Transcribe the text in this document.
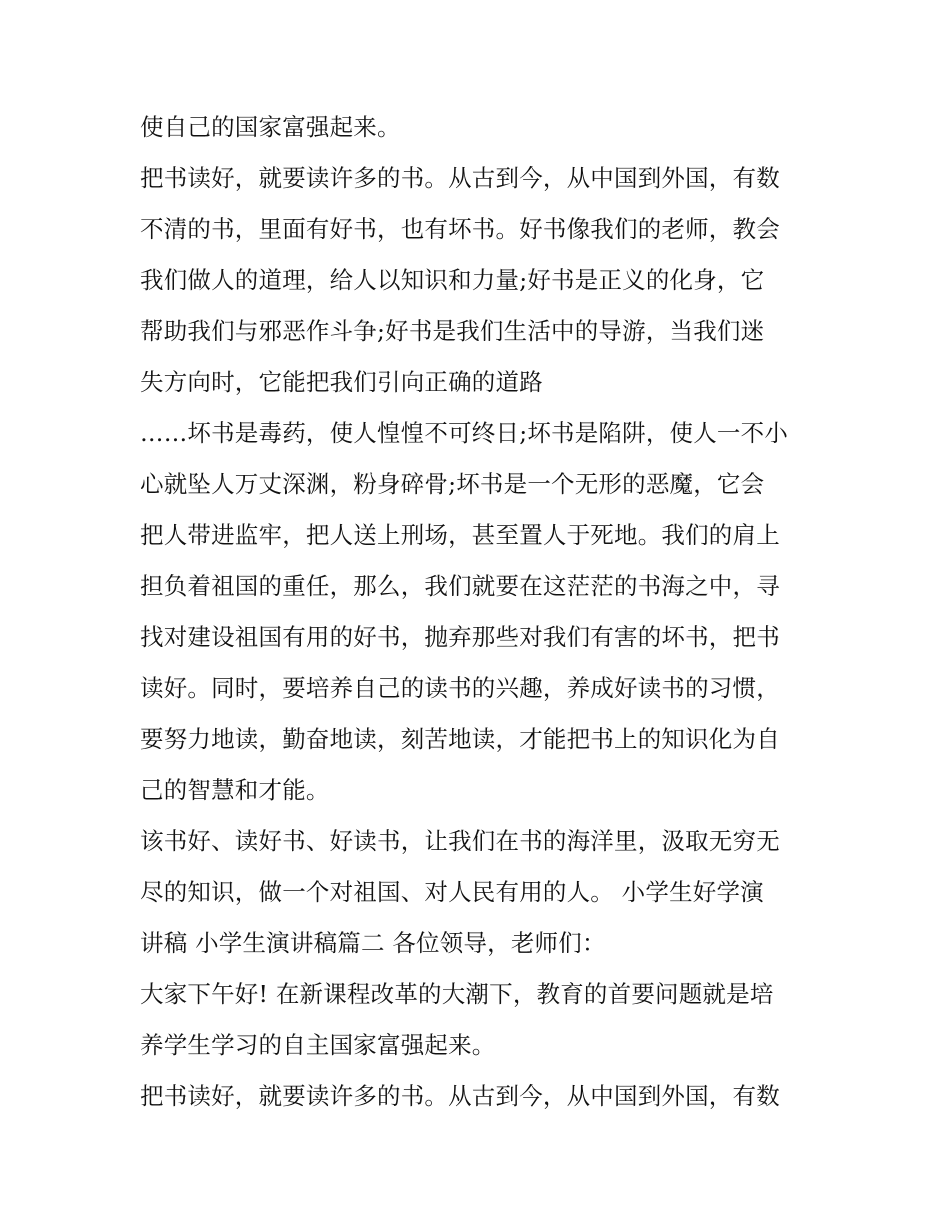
使自己的国家富强起来。
把书读好，就要读许多的书。从古到今，从中国到外国，有数
不清的书，里面有好书，也有坏书。好书像我们的老师，教会
我们做人的道理，给人以知识和力量;好书是正义的化身，它
帮助我们与邪恶作斗争;好书是我们生活中的导游，当我们迷
失方向时，它能把我们引向正确的道路
……坏书是毒药，使人惶惶不可终日;坏书是陷阱，使人一不小
心就坠人万丈深渊，粉身碎骨;坏书是一个无形的恶魔，它会
把人带进监牢，把人送上刑场，甚至置人于死地。我们的肩上
担负着祖国的重任，那么，我们就要在这茫茫的书海之中，寻
找对建设祖国有用的好书，抛弃那些对我们有害的坏书，把书
读好。同时，要培养自己的读书的兴趣，养成好读书的习惯，
要努力地读，勤奋地读，刻苦地读，才能把书上的知识化为自
己的智慧和才能。
该书好、读好书、好读书，让我们在书的海洋里，汲取无穷无
尽的知识，做一个对祖国、对人民有用的人。 小学生好学演
讲稿 小学生演讲稿篇二 各位领导，老师们：
大家下午好! 在新课程改革的大潮下，教育的首要问题就是培
养学生学习的自主国家富强起来。
把书读好，就要读许多的书。从古到今，从中国到外国，有数
